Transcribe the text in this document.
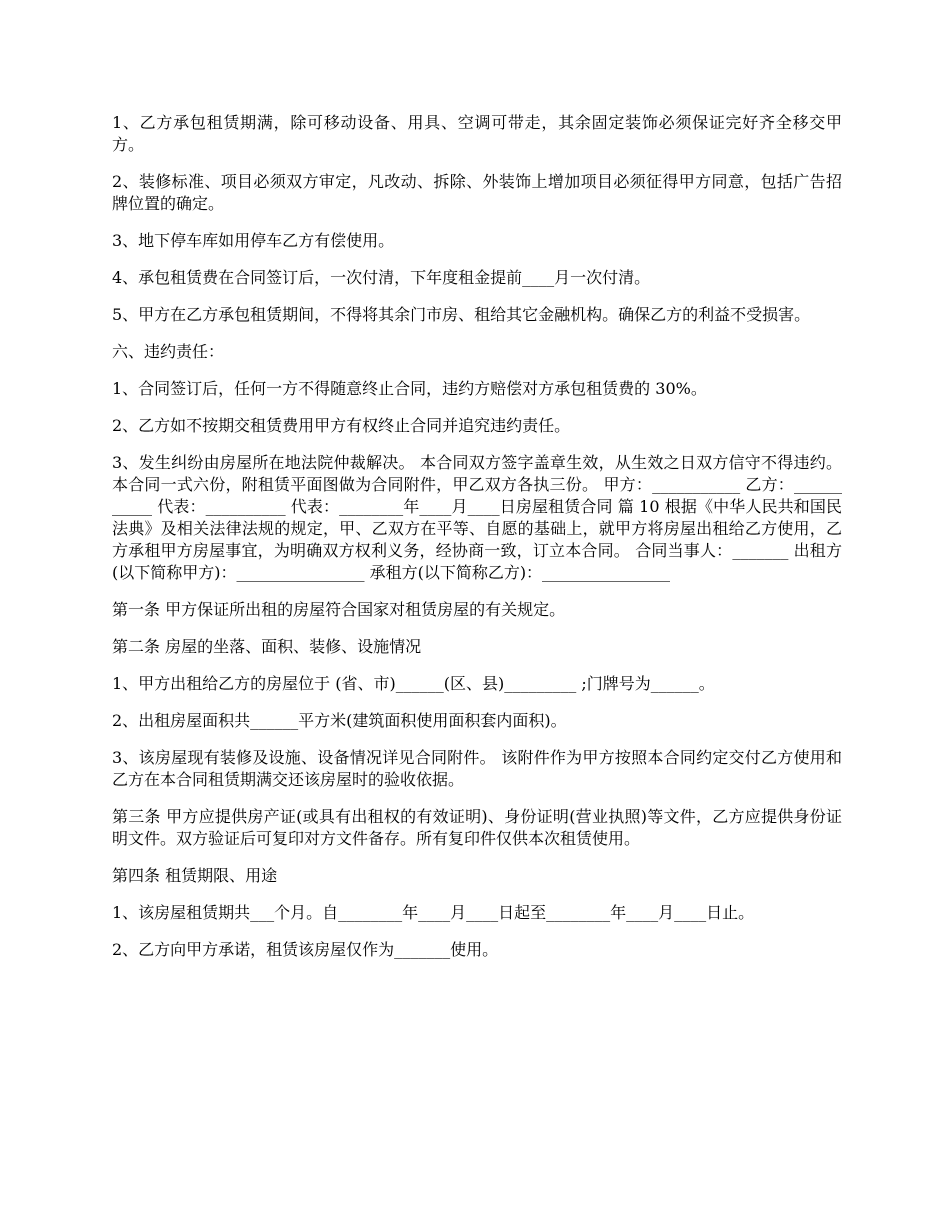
1、乙方承包租赁期满，除可移动设备、用具、空调可带走，其余固定装饰必须保证完好齐全移交甲方。

2、装修标准、项目必须双方审定，凡改动、拆除、外装饰上增加项目必须征得甲方同意，包括广告招牌位置的确定。

3、地下停车库如用停车乙方有偿使用。

4、承包租赁费在合同签订后，一次付清，下年度租金提前____月一次付清。

5、甲方在乙方承包租赁期间，不得将其余门市房、租给其它金融机构。确保乙方的利益不受损害。

六、违约责任：

1、合同签订后，任何一方不得随意终止合同，违约方赔偿对方承包租赁费的 30%。

2、乙方如不按期交租赁费用甲方有权终止合同并追究违约责任。

3、发生纠纷由房屋所在地法院仲裁解决。 本合同双方签字盖章生效，从生效之日双方信守不得违约。 本合同一式六份，附租赁平面图做为合同附件，甲乙双方各执三份。 甲方：___________ 乙方：___________ 代表：__________ 代表：________年____月____日房屋租赁合同 篇 10 根据《中华人民共和国民法典》及相关法律法规的规定，甲、乙双方在平等、自愿的基础上，就甲方将房屋出租给乙方使用，乙方承租甲方房屋事宜，为明确双方权利义务，经协商一致，订立本合同。 合同当事人：_______ 出租方(以下简称甲方)：________________ 承租方(以下简称乙方)：________________

第一条 甲方保证所出租的房屋符合国家对租赁房屋的有关规定。

第二条 房屋的坐落、面积、装修、设施情况

1、甲方出租给乙方的房屋位于 (省、市)______(区、县)_________ ;门牌号为______。

2、出租房屋面积共______平方米(建筑面积使用面积套内面积)。

3、该房屋现有装修及设施、设备情况详见合同附件。 该附件作为甲方按照本合同约定交付乙方使用和乙方在本合同租赁期满交还该房屋时的验收依据。

第三条 甲方应提供房产证(或具有出租权的有效证明)、身份证明(营业执照)等文件，乙方应提供身份证明文件。双方验证后可复印对方文件备存。所有复印件仅供本次租赁使用。

第四条 租赁期限、用途

1、该房屋租赁期共___个月。自________年____月____日起至________年____月____日止。

2、乙方向甲方承诺，租赁该房屋仅作为_______使用。
